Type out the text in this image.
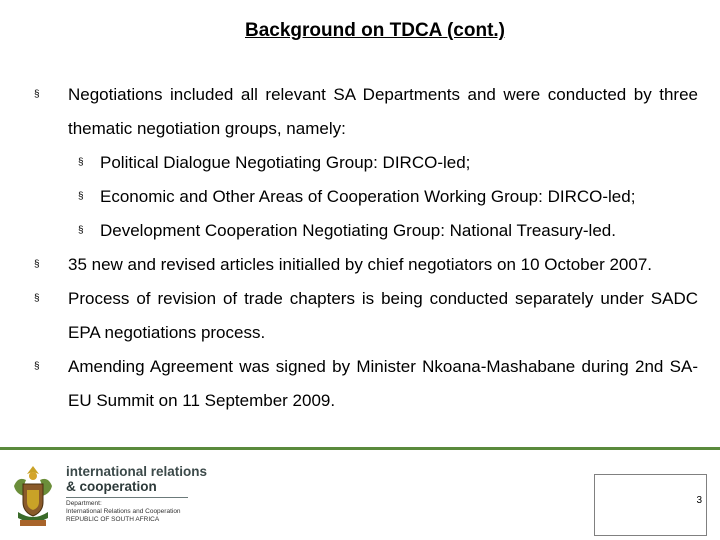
Background on TDCA (cont.)
§ Negotiations included all relevant SA Departments and were conducted by three thematic negotiation groups, namely:
§ Political Dialogue Negotiating Group: DIRCO-led;
§ Economic and Other Areas of Cooperation Working Group: DIRCO-led;
§ Development Cooperation Negotiating Group: National Treasury-led.
§ 35 new and revised articles initialled by chief negotiators on 10 October 2007.
§ Process of revision of trade chapters is being conducted separately under SADC EPA negotiations process.
§ Amending Agreement was signed by Minister Nkoana-Mashabane during 2nd SA-EU Summit on 11 September 2009.
international relations
& cooperation
Department:
International Relations and Cooperation
REPUBLIC OF SOUTH AFRICA
3
